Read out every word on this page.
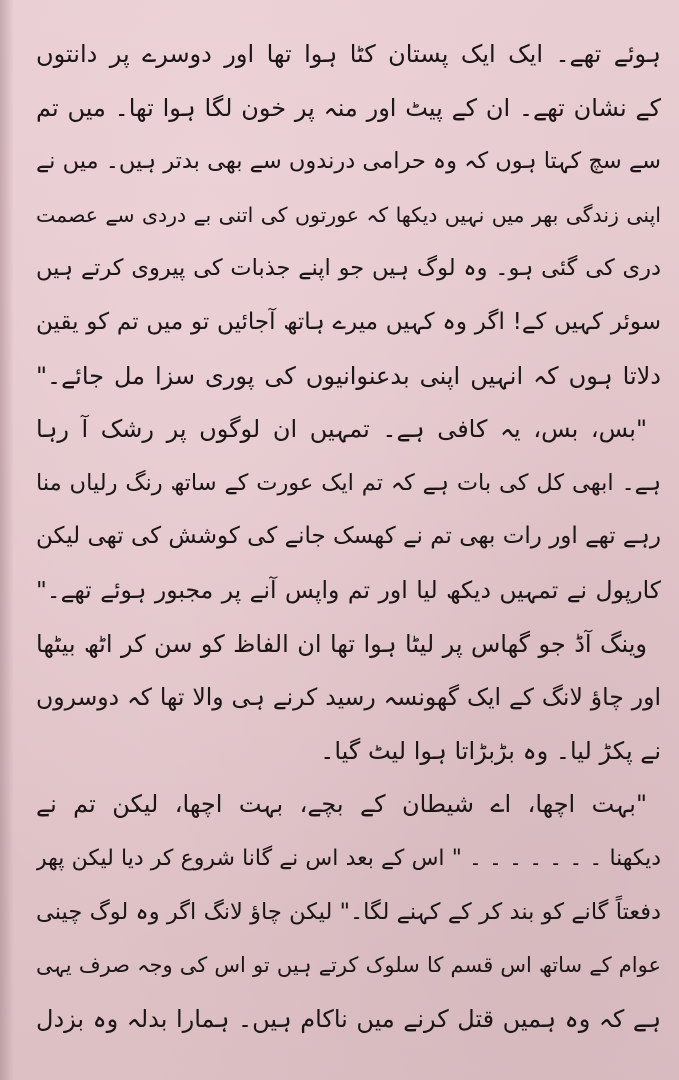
ہوئے تھے۔ ایک ایک پستان کٹا ہوا تھا اور دوسرے پر دانتوں
کے نشان تھے۔ ان کے پیٹ اور منہ پر خون لگا ہوا تھا۔ میں تم
سے سچ کہتا ہوں کہ وہ حرامی درندوں سے بھی بدتر ہیں۔ میں نے
اپنی زندگی بھر میں نہیں دیکھا کہ عورتوں کی اتنی بے دردی سے عصمت
دری کی گئی ہو۔ وہ لوگ ہیں جو اپنے جذبات کی پیروی کرتے ہیں
سوئر کہیں کے! اگر وہ کہیں میرے ہاتھ آجائیں تو میں تم کو یقین
دلاتا ہوں کہ انہیں اپنی بدعنوانیوں کی پوری سزا مل جائے۔"
"بس، بس، یہ کافی ہے۔ تمہیں ان لوگوں پر رشک آ رہا
ہے۔ ابھی کل کی بات ہے کہ تم ایک عورت کے ساتھ رنگ رلیاں منا
رہے تھے اور رات بھی تم نے کھسک جانے کی کوشش کی تھی لیکن
کارپول نے تمہیں دیکھ لیا اور تم واپس آنے پر مجبور ہوئے تھے۔"
وینگ آڈ جو گھاس پر لیٹا ہوا تھا ان الفاظ کو سن کر اٹھ بیٹھا
اور چاؤ لانگ کے ایک گھونسہ رسید کرنے ہی والا تھا کہ دوسروں
نے پکڑ لیا۔ وہ بڑبڑاتا ہوا لیٹ گیا۔
"بہت اچھا، اے شیطان کے بچے، بہت اچھا، لیکن تم نے
دیکھنا ۔ ۔ ۔ ۔ ۔ ۔ ۔ " اس کے بعد اس نے گانا شروع کر دیا لیکن پھر
دفعتاً گانے کو بند کر کے کہنے لگا۔" لیکن چاؤ لانگ اگر وہ لوگ چینی
عوام کے ساتھ اس قسم کا سلوک کرتے ہیں تو اس کی وجہ صرف یہی
ہے کہ وہ ہمیں قتل کرنے میں ناکام ہیں۔ ہمارا بدلہ وہ بزدل
